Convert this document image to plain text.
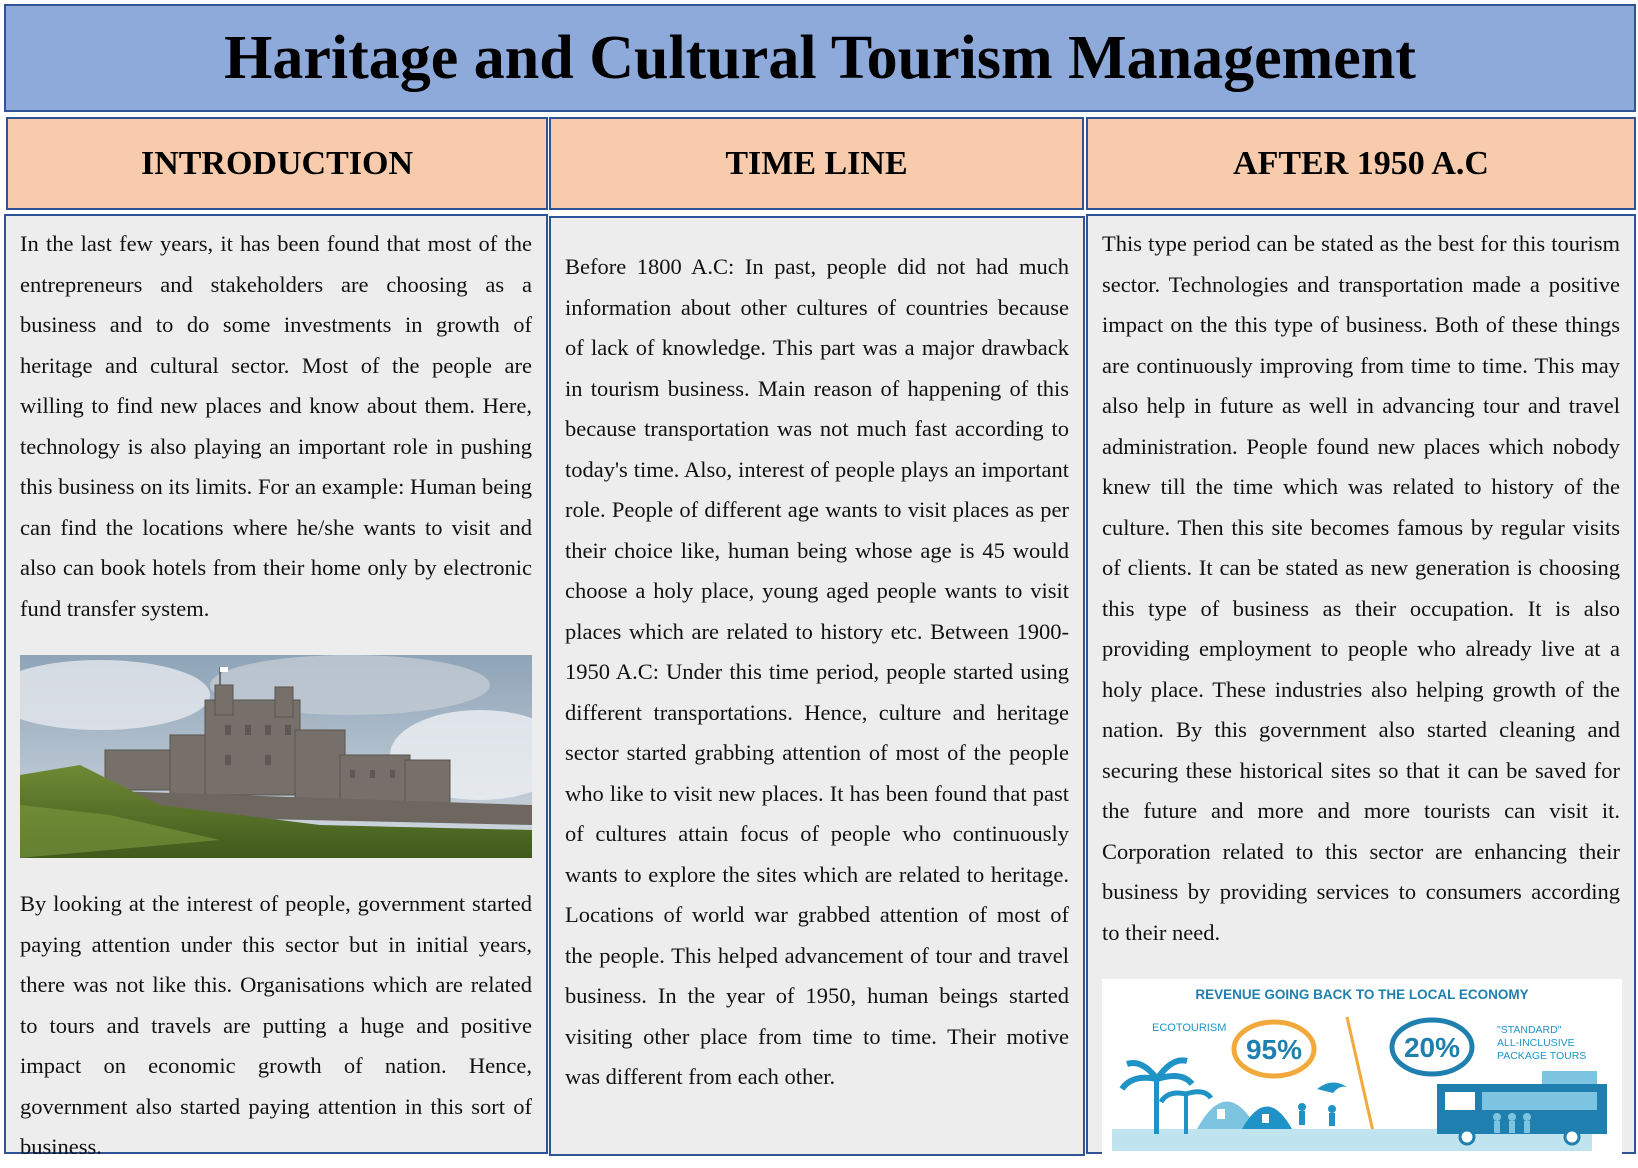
Haritage and Cultural Tourism Management
INTRODUCTION	TIME LINE	AFTER 1950 A.C

In the last few years, it has been found that most of the entrepreneurs and stakeholders are choosing as a business and to do some investments in growth of heritage and cultural sector. Most of the people are willing to find new places and know about them. Here, technology is also playing an important role in pushing this business on its limits. For an example: Human being can find the locations where he/she wants to visit and also can book hotels from their home only by electronic fund transfer system.

By looking at the interest of people, government started paying attention under this sector but in initial years, there was not like this. Organisations which are related to tours and travels are putting a huge and positive impact on economic growth of nation. Hence, government also started paying attention in this sort of business.

Before 1800 A.C: In past, people did not had much information about other cultures of countries because of lack of knowledge. This part was a major drawback in tourism business. Main reason of happening of this because transportation was not much fast according to today's time. Also, interest of people plays an important role. People of different age wants to visit places as per their choice like, human being whose age is 45 would choose a holy place, young aged people wants to visit places which are related to history etc. Between 1900-1950 A.C: Under this time period, people started using different transportations. Hence, culture and heritage sector started grabbing attention of most of the people who like to visit new places. It has been found that past of cultures attain focus of people who continuously wants to explore the sites which are related to heritage. Locations of world war grabbed attention of most of the people. This helped advancement of tour and travel business. In the year of 1950, human beings started visiting other place from time to time. Their motive was different from each other.

This type period can be stated as the best for this tourism sector. Technologies and transportation made a positive impact on the this type of business. Both of these things are continuously improving from time to time. This may also help in future as well in advancing tour and travel administration. People found new places which nobody knew till the time which was related to history of the culture. Then this site becomes famous by regular visits of clients. It can be stated as new generation is choosing this type of business as their occupation. It is also providing employment to people who already live at a holy place. These industries also helping growth of the nation. By this government also started cleaning and securing these historical sites so that it can be saved for the future and more and more tourists can visit it. Corporation related to this sector are enhancing their business by providing services to consumers according to their need.

REVENUE GOING BACK TO THE LOCAL ECONOMY
ECOTOURISM
95%	20%
"STANDARD"
ALL-INCLUSIVE
PACKAGE TOURS
